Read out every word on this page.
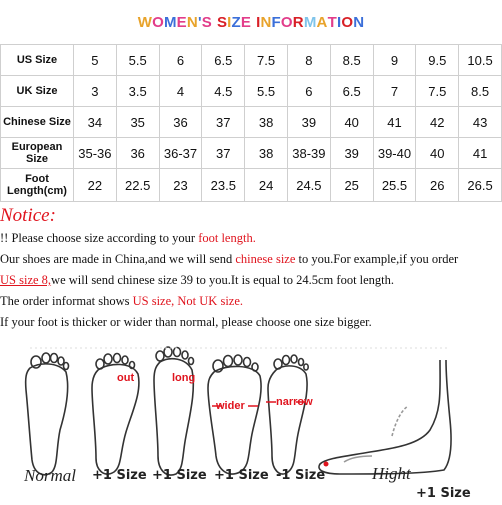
WOMEN'S SIZE INFORMATION
US Size	5	5.5	6	6.5	7.5	8	8.5	9	9.5	10.5
UK Size	3	3.5	4	4.5	5.5	6	6.5	7	7.5	8.5
Chinese Size	34	35	36	37	38	39	40	41	42	43
European Size	35-36	36	36-37	37	38	38-39	39	39-40	40	41
Foot Length(cm)	22	22.5	23	23.5	24	24.5	25	25.5	26	26.5
Notice:
!! Please choose size according to your foot length.
Our shoes are made in China,and we will send chinese size to you.For example,if you order
US size 8,we will send chinese size 39 to you.It is equal to 24.5cm foot length.
The order informat shows US size, Not UK size.
If your foot is thicker or wider than normal, please choose one size bigger.
out	long
wider	narrow
Normal +1 Size +1 Size +1 Size -1 Size	Hight
+1 Size
